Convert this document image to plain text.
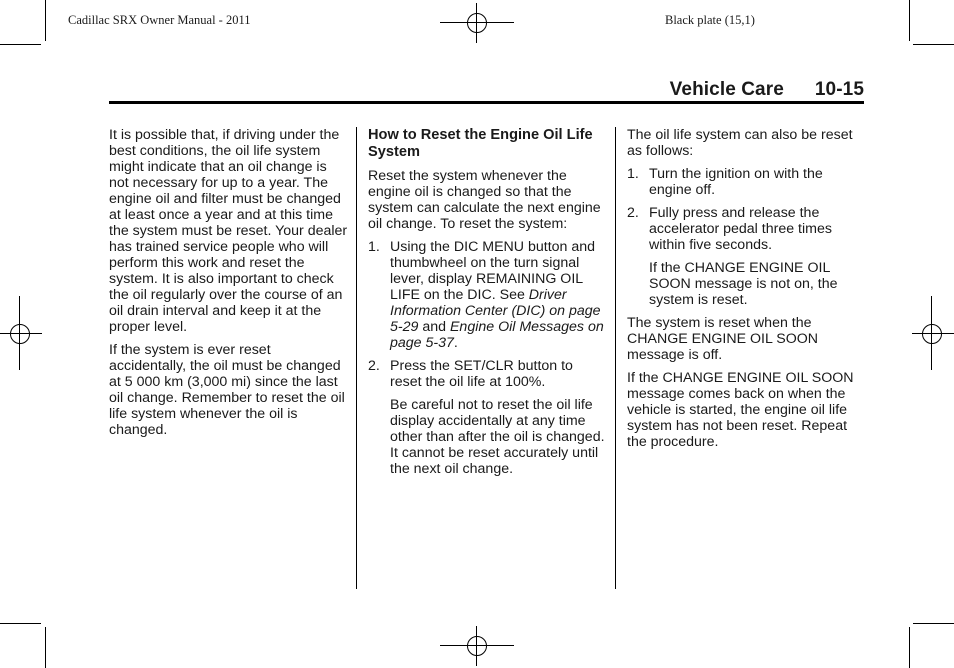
Cadillac SRX Owner Manual - 2011	Black plate (15,1)
Vehicle Care 10-15

It is possible that, if driving under the best conditions, the oil life system might indicate that an oil change is not necessary for up to a year. The engine oil and filter must be changed at least once a year and at this time the system must be reset. Your dealer has trained service people who will perform this work and reset the system. It is also important to check the oil regularly over the course of an oil drain interval and keep it at the proper level.

If the system is ever reset accidentally, the oil must be changed at 5 000 km (3,000 mi) since the last oil change. Remember to reset the oil life system whenever the oil is changed.

How to Reset the Engine Oil Life System

Reset the system whenever the engine oil is changed so that the system can calculate the next engine oil change. To reset the system:

1. Using the DIC MENU button and thumbwheel on the turn signal lever, display REMAINING OIL LIFE on the DIC. See Driver Information Center (DIC) on page 5‑29 and Engine Oil Messages on page 5‑37.
2. Press the SET/CLR button to reset the oil life at 100%.

Be careful not to reset the oil life display accidentally at any time other than after the oil is changed. It cannot be reset accurately until the next oil change.

The oil life system can also be reset as follows:

1. Turn the ignition on with the engine off.
2. Fully press and release the accelerator pedal three times within five seconds.

If the CHANGE ENGINE OIL SOON message is not on, the system is reset.

The system is reset when the CHANGE ENGINE OIL SOON message is off.

If the CHANGE ENGINE OIL SOON message comes back on when the vehicle is started, the engine oil life system has not been reset. Repeat the procedure.
